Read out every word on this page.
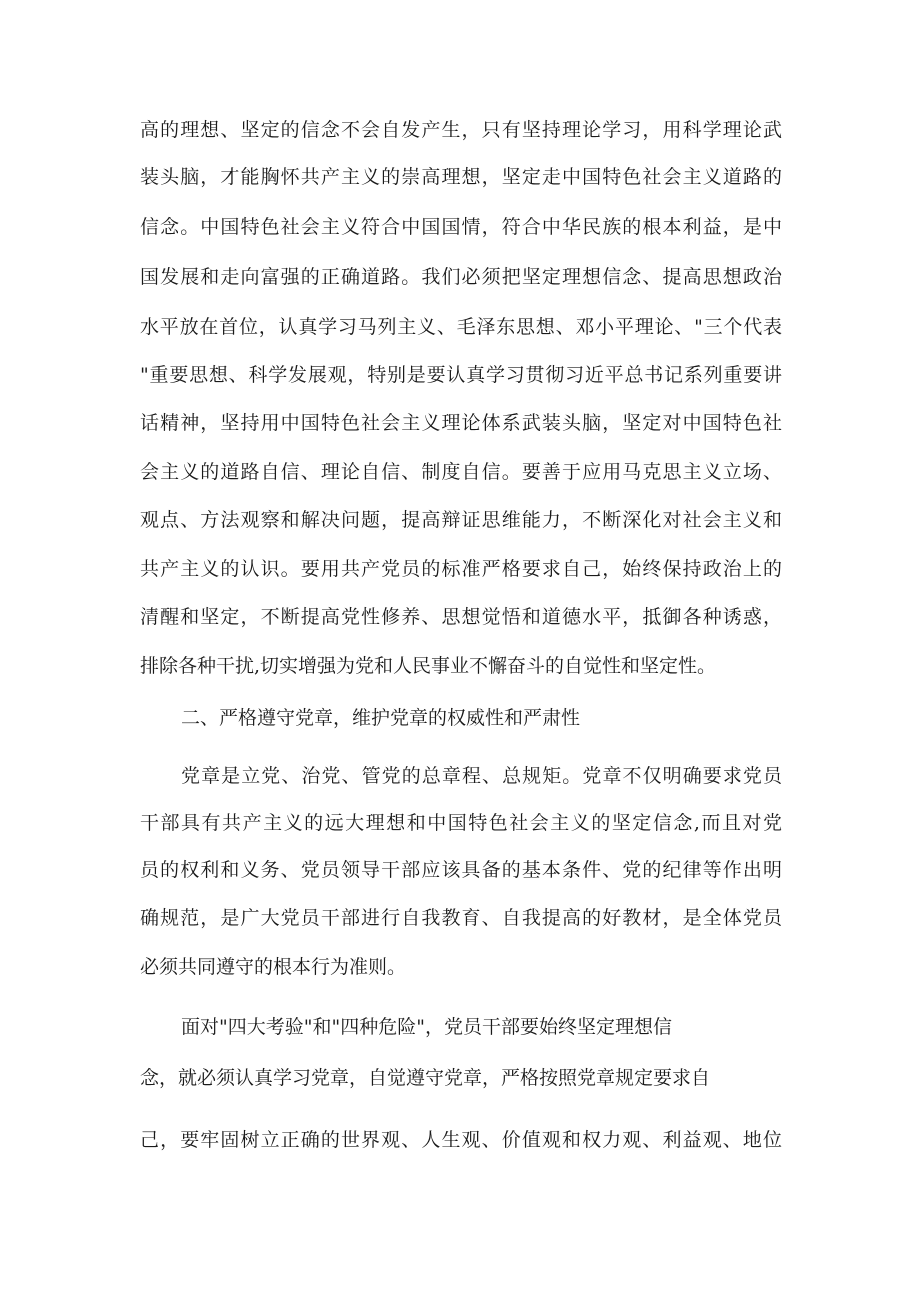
高的理想、坚定的信念不会自发产生，只有坚持理论学习，用科学理论武
装头脑，才能胸怀共产主义的崇高理想，坚定走中国特色社会主义道路的
信念。中国特色社会主义符合中国国情，符合中华民族的根本利益，是中
国发展和走向富强的正确道路。我们必须把坚定理想信念、提高思想政治
水平放在首位，认真学习马列主义、毛泽东思想、邓小平理论、"三个代表
"重要思想、科学发展观，特别是要认真学习贯彻习近平总书记系列重要讲
话精神，坚持用中国特色社会主义理论体系武装头脑，坚定对中国特色社
会主义的道路自信、理论自信、制度自信。要善于应用马克思主义立场、
观点、方法观察和解决问题，提高辩证思维能力，不断深化对社会主义和
共产主义的认识。要用共产党员的标准严格要求自己，始终保持政治上的
清醒和坚定，不断提高党性修养、思想觉悟和道德水平，抵御各种诱惑，
排除各种干扰,切实增强为党和人民事业不懈奋斗的自觉性和坚定性。
二、严格遵守党章，维护党章的权威性和严肃性
党章是立党、治党、管党的总章程、总规矩。党章不仅明确要求党员
干部具有共产主义的远大理想和中国特色社会主义的坚定信念,而且对党
员的权利和义务、党员领导干部应该具备的基本条件、党的纪律等作出明
确规范，是广大党员干部进行自我教育、自我提高的好教材，是全体党员
必须共同遵守的根本行为准则。
面对"四大考验"和"四种危险"，党员干部要始终坚定理想信
念，就必须认真学习党章，自觉遵守党章，严格按照党章规定要求自
己，要牢固树立正确的世界观、人生观、价值观和权力观、利益观、地位
